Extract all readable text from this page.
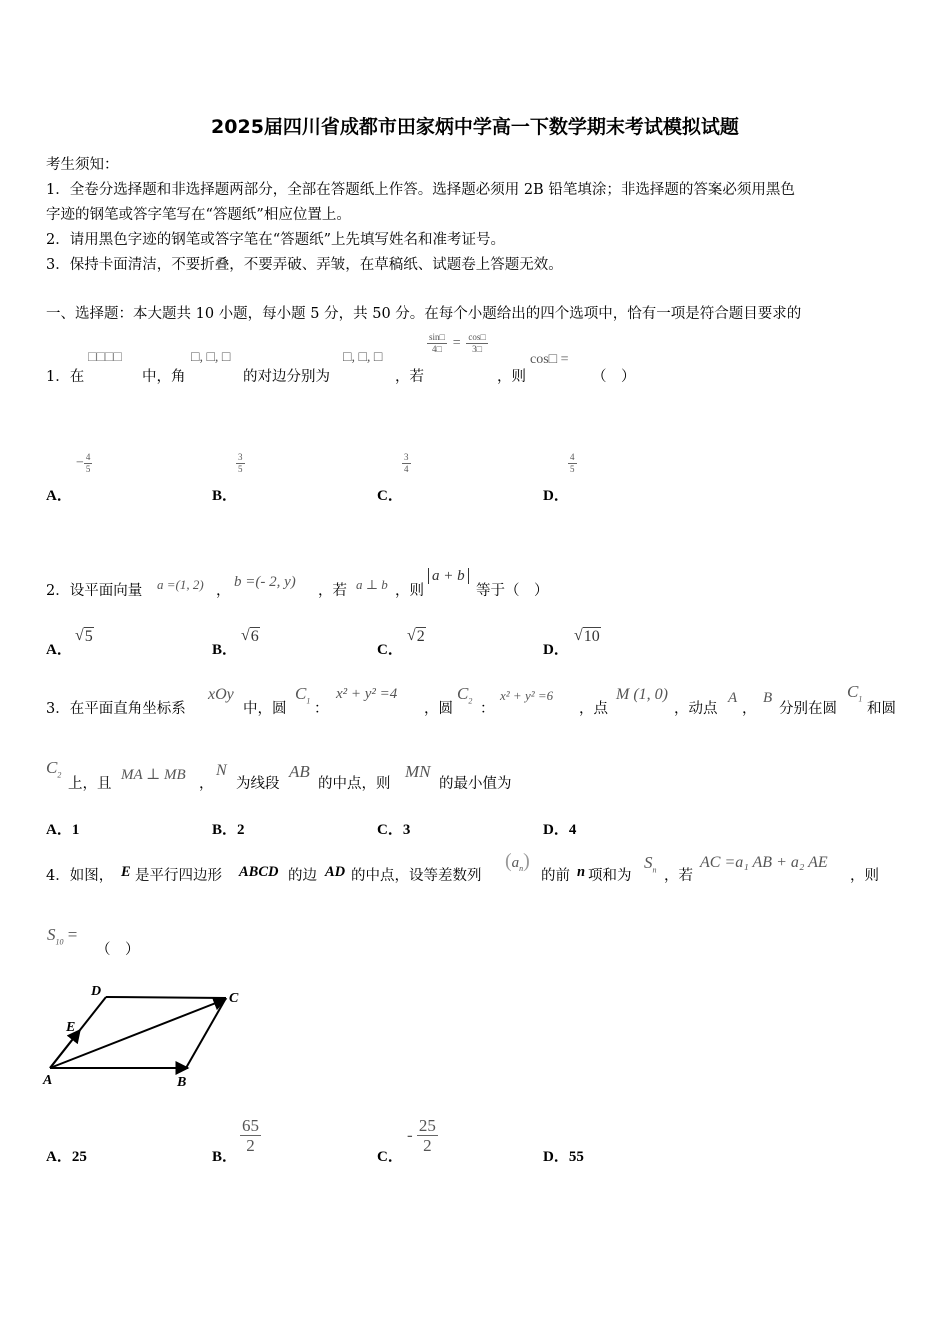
2025届四川省成都市田家炳中学高一下数学期末考试模拟试题
考生须知：
1．全卷分选择题和非选择题两部分，全部在答题纸上作答。选择题必须用 2B 铅笔填涂；非选择题的答案必须用黑色
字迹的钢笔或答字笔写在“答题纸”相应位置上。
2．请用黑色字迹的钢笔或答字笔在“答题纸”上先填写姓名和准考证号。
3．保持卡面清洁，不要折叠，不要弄破、弄皱，在草稿纸、试题卷上答题无效。
一、选择题：本大题共 10 小题，每小题 5 分，共 50 分。在每个小题给出的四个选项中，恰有一项是符合题目要求的
1．在
□□□□
中，角
□, □, □
的对边分别为
□, □, □
，若
$\frac{\sin□}{4□} = \frac{\cos□}{3□}$
，则
cos□ =
（　）
A．
− $\frac{4}{5}$
B．
$\frac{3}{5}$
C．
$\frac{3}{4}$
D．
$\frac{4}{5}$
2．设平面向量 a =(1, 2) ，
b =(- 2, y)
，若 a ⊥ b ，则
a + b
等于（　）
A．
√ 5
B．
√ 6
C．
√ 2
D．
√ 10
3．在平面直角坐标系
xOy
中，圆
$C_1$
：
x² + y² =4
，圆
$C_2$
：
x² + y² =6
，点
M (1, 0)
，动点
A
，
B
分别在圆
$C_1$
和圆
$C_2$
上，且
MA ⊥ MB
，
N
为线段
AB
的中点，则
MN
的最小值为
A．1	B．2	C．3	D．4
4．如图， E 是平行四边形 ABCD 的边 AD 的中点，设等差数列
$(a_n)$
的前 n 项和为
$S_n$ ，若
AC =a₁ AB + a₂ AE
，则
$S_{10}$ =
（　）
A	B
C
D
E
A．25	B．
$\frac{65}{2}$
C．
- $\frac{25}{2}$
D．55
